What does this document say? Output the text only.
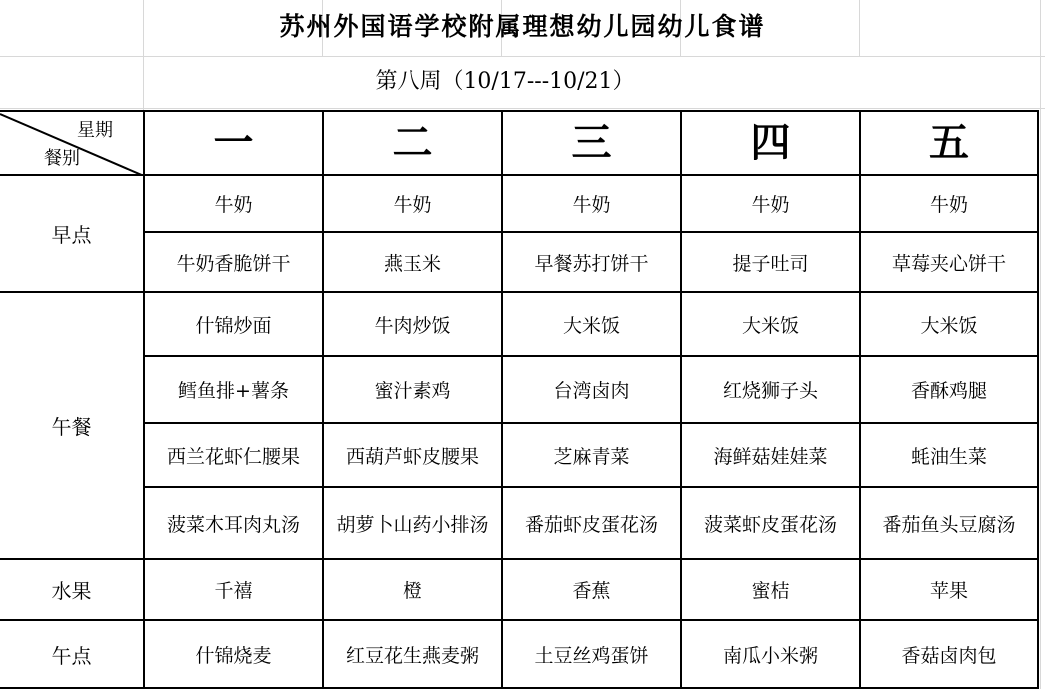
苏州外国语学校附属理想幼儿园幼儿食谱
第八周（10/17---10/21）
星期
餐别	一	二	三	四	五
早点	牛奶	牛奶	牛奶	牛奶	牛奶
	牛奶香脆饼干	燕玉米	早餐苏打饼干	提子吐司	草莓夹心饼干
午餐	什锦炒面	牛肉炒饭	大米饭	大米饭	大米饭
	鳕鱼排+薯条	蜜汁素鸡	台湾卤肉	红烧狮子头	香酥鸡腿
	西兰花虾仁腰果	西葫芦虾皮腰果	芝麻青菜	海鲜菇娃娃菜	蚝油生菜
	菠菜木耳肉丸汤	胡萝卜山药小排汤	番茄虾皮蛋花汤	菠菜虾皮蛋花汤	番茄鱼头豆腐汤
水果	千禧	橙	香蕉	蜜桔	苹果
午点	什锦烧麦	红豆花生燕麦粥	土豆丝鸡蛋饼	南瓜小米粥	香菇卤肉包
